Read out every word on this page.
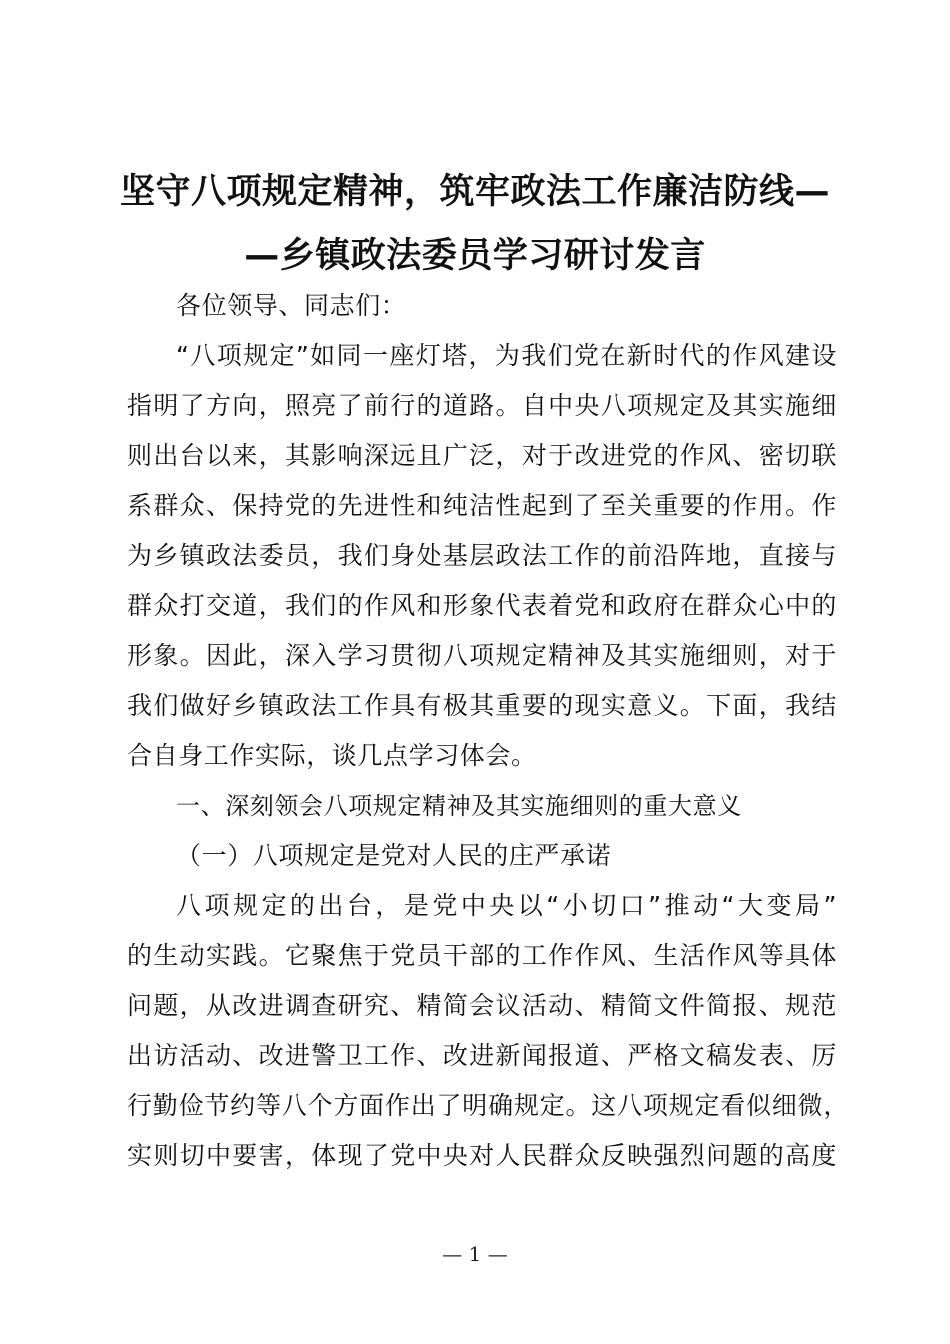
坚守八项规定精神，筑牢政法工作廉洁防线—
—乡镇政法委员学习研讨发言
各位领导、同志们：
“八项规定”如同一座灯塔，为我们党在新时代的作风建设
指明了方向，照亮了前行的道路。自中央八项规定及其实施细
则出台以来，其影响深远且广泛，对于改进党的作风、密切联
系群众、保持党的先进性和纯洁性起到了至关重要的作用。作
为乡镇政法委员，我们身处基层政法工作的前沿阵地，直接与
群众打交道，我们的作风和形象代表着党和政府在群众心中的
形象。因此，深入学习贯彻八项规定精神及其实施细则，对于
我们做好乡镇政法工作具有极其重要的现实意义。下面，我结
合自身工作实际，谈几点学习体会。
一、深刻领会八项规定精神及其实施细则的重大意义
（一）八项规定是党对人民的庄严承诺
八项规定的出台，是党中央以“小切口”推动“大变局”
的生动实践。它聚焦于党员干部的工作作风、生活作风等具体
问题，从改进调查研究、精简会议活动、精简文件简报、规范
出访活动、改进警卫工作、改进新闻报道、严格文稿发表、厉
行勤俭节约等八个方面作出了明确规定。这八项规定看似细微，
实则切中要害，体现了党中央对人民群众反映强烈问题的高度
— 1 —
